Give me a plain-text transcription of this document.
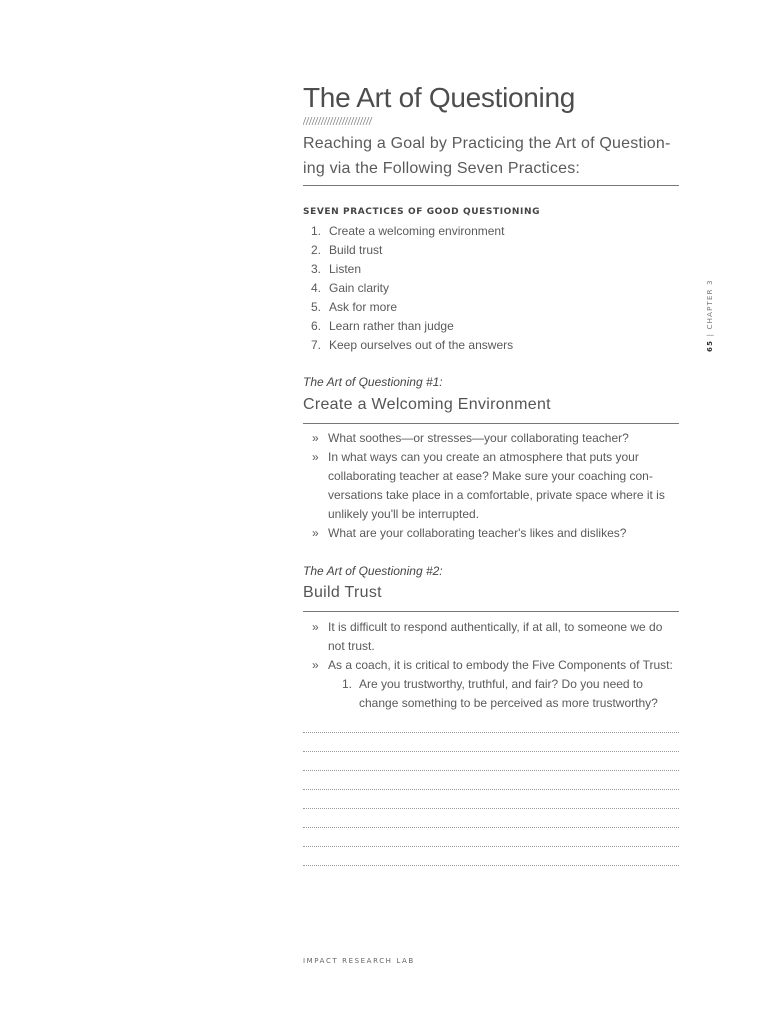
The Art of Questioning

Reaching a Goal by Practicing the Art of Question-
ing via the Following Seven Practices:

SEVEN PRACTICES OF GOOD QUESTIONING
1. Create a welcoming environment
2. Build trust
3. Listen
4. Gain clarity
5. Ask for more
6. Learn rather than judge
7. Keep ourselves out of the answers

The Art of Questioning #1:

Create a Welcoming Environment
» What soothes—or stresses—your collaborating teacher?
» In what ways can you create an atmosphere that puts your collaborating teacher at ease? Make sure your coaching con-versations take place in a comfortable, private space where it is unlikely you'll be interrupted.
» What are your collaborating teacher's likes and dislikes?

The Art of Questioning #2:

Build Trust
» It is difficult to respond authentically, if at all, to someone we do not trust.
» As a coach, it is critical to embody the Five Components of Trust:
1. Are you trustworthy, truthful, and fair? Do you need to change something to be perceived as more trustworthy?
65 | CHAPTER 3

IMPACT RESEARCH LAB
